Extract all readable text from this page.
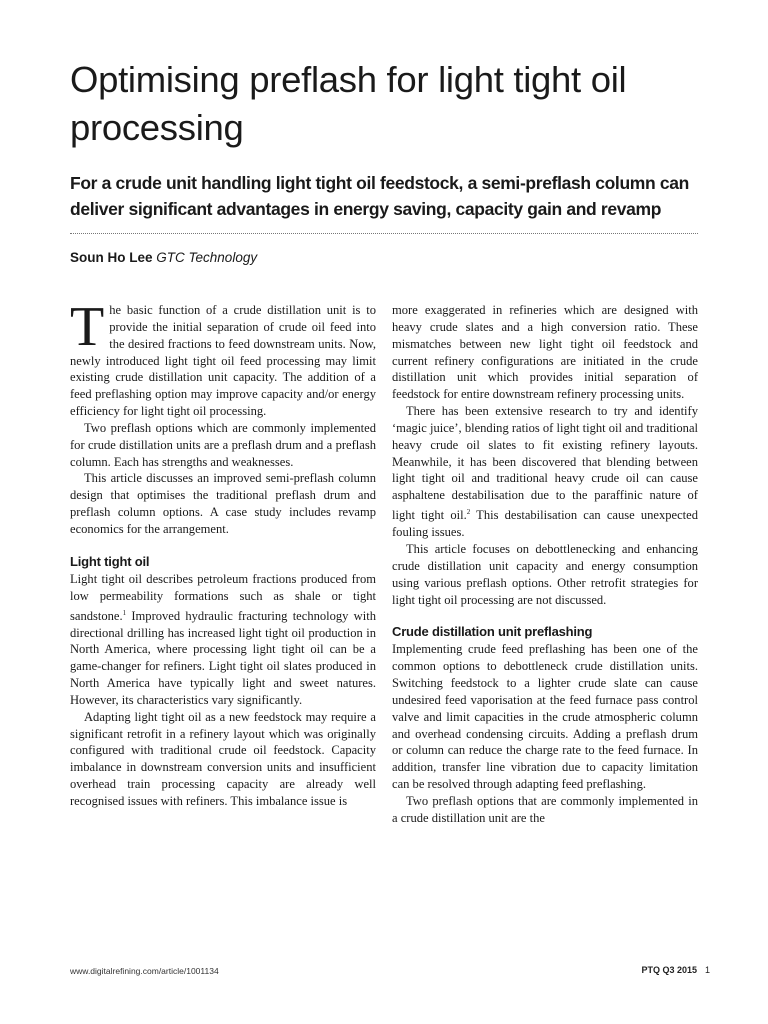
Optimising preflash for light tight oil processing
For a crude unit handling light tight oil feedstock, a semi-preflash column can deliver significant advantages in energy saving, capacity gain and revamp
Soun Ho Lee GTC Technology

The basic function of a crude distillation unit is to provide the initial separation of crude oil feed into the desired fractions to feed downstream units. Now, newly introduced light tight oil feed processing may limit existing crude distillation unit capacity. The addition of a feed preflashing option may improve capacity and/or energy efficiency for light tight oil processing.

Two preflash options which are commonly implemented for crude distillation units are a preflash drum and a preflash column. Each has strengths and weaknesses.

This article discusses an improved semi-preflash column design that optimises the traditional preflash drum and preflash column options. A case study includes revamp economics for the arrangement.

Light tight oil

Light tight oil describes petroleum fractions produced from low permeability formations such as shale or tight sandstone.$^1$ Improved hydraulic fracturing technology with directional drilling has increased light tight oil production in North America, where processing light tight oil can be a game-changer for refiners. Light tight oil slates produced in North America have typically light and sweet natures. However, its characteristics vary significantly.

Adapting light tight oil as a new feedstock may require a significant retrofit in a refinery layout which was originally configured with traditional crude oil feedstock. Capacity imbalance in downstream conversion units and insufficient overhead train processing capacity are already well recognised issues with refiners. This imbalance issue is

more exaggerated in refineries which are designed with heavy crude slates and a high conversion ratio. These mismatches between new light tight oil feedstock and current refinery configurations are initiated in the crude distillation unit which provides initial separation of feedstock for entire downstream refinery processing units.

There has been extensive research to try and identify ‘magic juice’, blending ratios of light tight oil and traditional heavy crude oil slates to fit existing refinery layouts. Meanwhile, it has been discovered that blending between light tight oil and traditional heavy crude oil can cause asphaltene destabilisation due to the paraffinic nature of light tight oil.$^2$ This destabilisation can cause unexpected fouling issues.

This article focuses on debottlenecking and enhancing crude distillation unit capacity and energy consumption using various preflash options. Other retrofit strategies for light tight oil processing are not discussed.

Crude distillation unit preflashing

Implementing crude feed preflashing has been one of the common options to debottleneck crude distillation units. Switching feedstock to a lighter crude slate can cause undesired feed vaporisation at the feed furnace pass control valve and limit capacities in the crude atmospheric column and overhead condensing circuits. Adding a preflash drum or column can reduce the charge rate to the feed furnace. In addition, transfer line vibration due to capacity limitation can be resolved through adapting feed preflashing.

Two preflash options that are commonly implemented in a crude distillation unit are the

www.digitalrefining.com/article/1001134	PTQ Q3 2015 1
